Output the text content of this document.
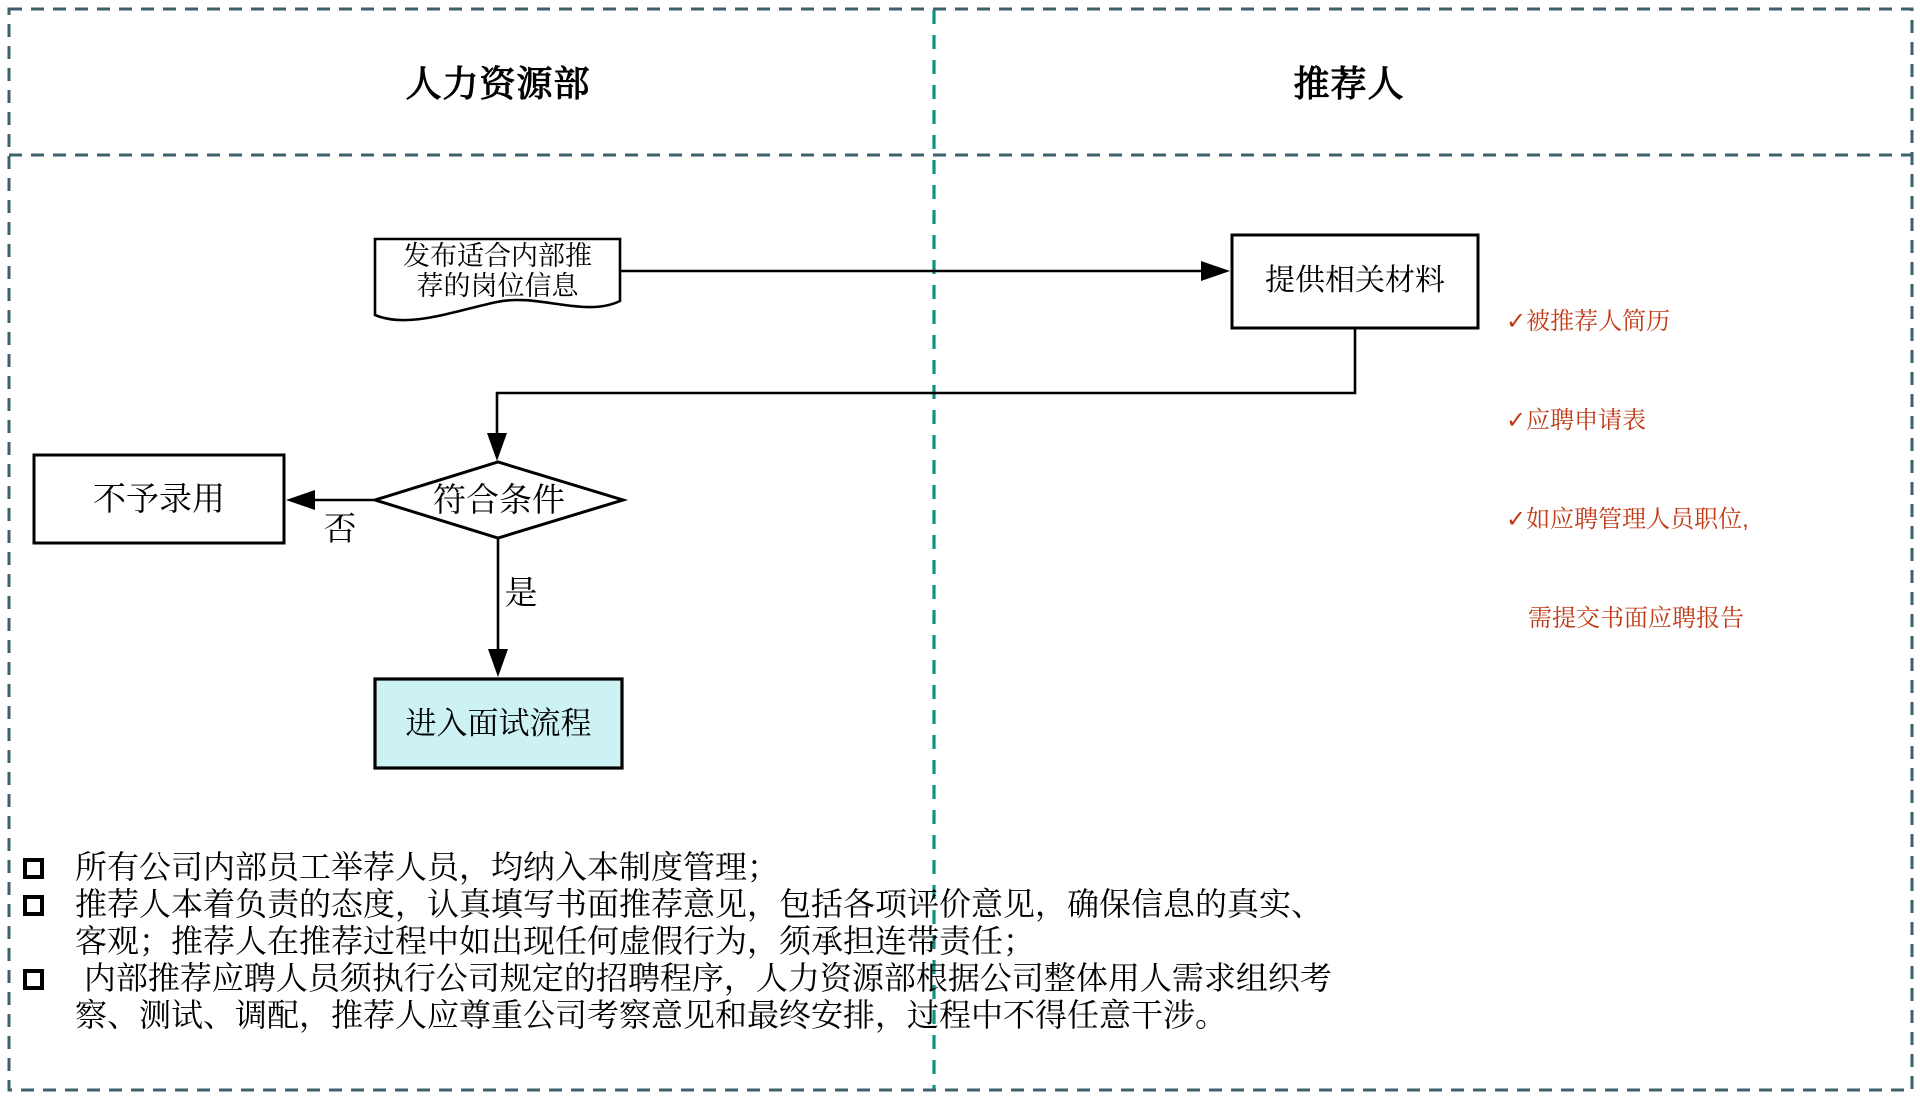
人力资源部	推荐人
发布适合内部推
荐的岗位信息	提供相关材料
符合条件
不予录用
进入面试流程
否
是

✓被推荐人简历

✓应聘申请表

✓如应聘管理人员职位,

需提交书面应聘报告

所有公司内部员工举荐人员，均纳入本制度管理；
推荐人本着负责的态度，认真填写书面推荐意见，包括各项评价意见，确保信息的真实、
客观；推荐人在推荐过程中如出现任何虚假行为，须承担连带责任；
内部推荐应聘人员须执行公司规定的招聘程序，人力资源部根据公司整体用人需求组织考
察、测试、调配，推荐人应尊重公司考察意见和最终安排，过程中不得任意干涉。
